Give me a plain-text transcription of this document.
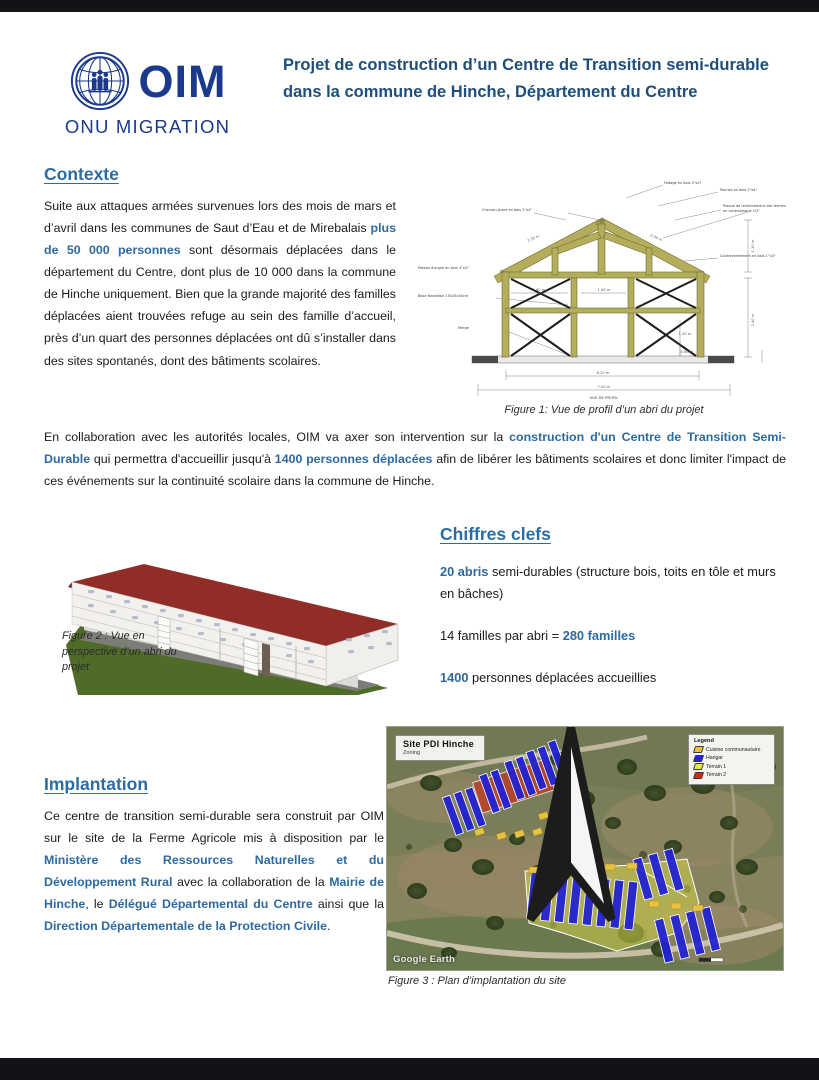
OIM
ONU MIGRATION
Projet de construction d’un Centre de Transition semi-durable dans la commune de Hinche, Département du Centre
Contexte

Suite aux attaques armées survenues lors des mois de mars et d’avril dans les communes de Saut d’Eau et de Mirebalais plus de 50 000 personnes sont désormais déplacées dans le département du Centre, dont plus de 10 000 dans la commune de Hinche uniquement. Bien que la grande majorité des familles déplacées aient trouvées refuge au sein des famille d’accueil, près d’un quart des personnes déplacées ont dû s’installer dans des sites spontanés, dont des bâtiments scolaires.

1.60 m	1.60 m
6.20 m
7.00 m
1.20 m
0.60 m
1.30 m
2.40 m
2.30 m	2.30 m
Faitage en bois 2"x4"
Pannes en bois 2"x4"
Plaque de renforcement des fermes
en contreplaqué 1/2"
Contreventement en bois 1"x4"
Chevron-Arbre en bois 2"x4"
Poteau d'angle en bois 4"x4"
Base fondation 15x25x40cm
Merge
VUE DE PROFIL
Figure 1: Vue de profil d’un abri du projet

En collaboration avec les autorités locales, OIM va axer son intervention sur la construction d'un Centre de Transition Semi-Durable qui permettra d'accueillir jusqu'à 1400 personnes déplacées afin de libérer les bâtiments scolaires et donc limiter l'impact de ces événements sur la continuité scolaire dans la commune de Hinche.

Figure 2 : Vue en perspective d’un abri du projet
Chiffres clefs

20 abris semi-durables (structure bois, toits en tôle et murs en bâches)

14 familles par abri = 280 familles

1400 personnes déplacées accueillies

Implantation

Ce centre de transition semi-durable sera construit par OIM sur le site de la Ferme Agricole mis à disposition par le Ministère des Ressources Naturelles et du Développement Rural avec la collaboration de la Mairie de Hinche, le Délégué Départemental du Centre ainsi que la Direction Départementale de la Protection Civile.

Site PDI Hinche
Zoning
Legend
Cuisine communautaire
Hangar
Terrain 1
Terrain 2
Google Earth
Figure 3 : Plan d’implantation du site
